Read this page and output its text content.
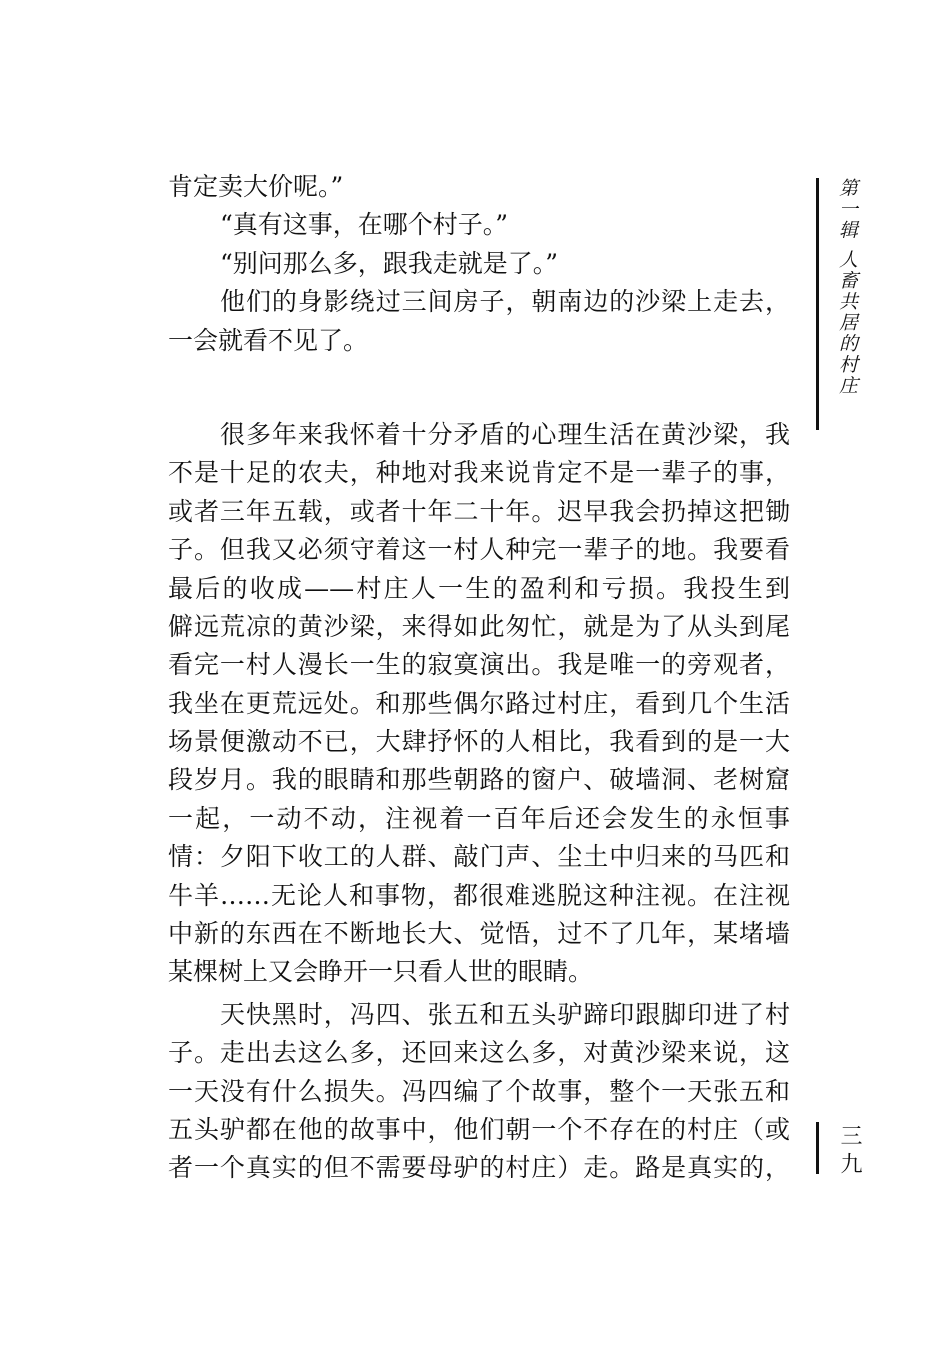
肯定卖大价呢。”
“真有这事，在哪个村子。”
“别问那么多，跟我走就是了。”
他们的身影绕过三间房子，朝南边的沙梁上走去，
一会就看不见了。
很多年来我怀着十分矛盾的心理生活在黄沙梁，我
不是十足的农夫，种地对我来说肯定不是一辈子的事，
或者三年五载，或者十年二十年。迟早我会扔掉这把锄
子。但我又必须守着这一村人种完一辈子的地。我要看
最后的收成——村庄人一生的盈利和亏损。我投生到
僻远荒凉的黄沙梁，来得如此匆忙，就是为了从头到尾
看完一村人漫长一生的寂寞演出。我是唯一的旁观者，
我坐在更荒远处。和那些偶尔路过村庄，看到几个生活
场景便激动不已，大肆抒怀的人相比，我看到的是一大
段岁月。我的眼睛和那些朝路的窗户、破墙洞、老树窟
一起，一动不动，注视着一百年后还会发生的永恒事
情：夕阳下收工的人群、敲门声、尘土中归来的马匹和
牛羊……无论人和事物，都很难逃脱这种注视。在注视
中新的东西在不断地长大、觉悟，过不了几年，某堵墙
某棵树上又会睁开一只看人世的眼睛。
天快黑时，冯四、张五和五头驴蹄印跟脚印进了村
子。走出去这么多，还回来这么多，对黄沙梁来说，这
一天没有什么损失。冯四编了个故事，整个一天张五和
五头驴都在他的故事中，他们朝一个不存在的村庄（或
者一个真实的但不需要母驴的村庄）走。路是真实的，
第一辑 人畜共居的村庄
三九
